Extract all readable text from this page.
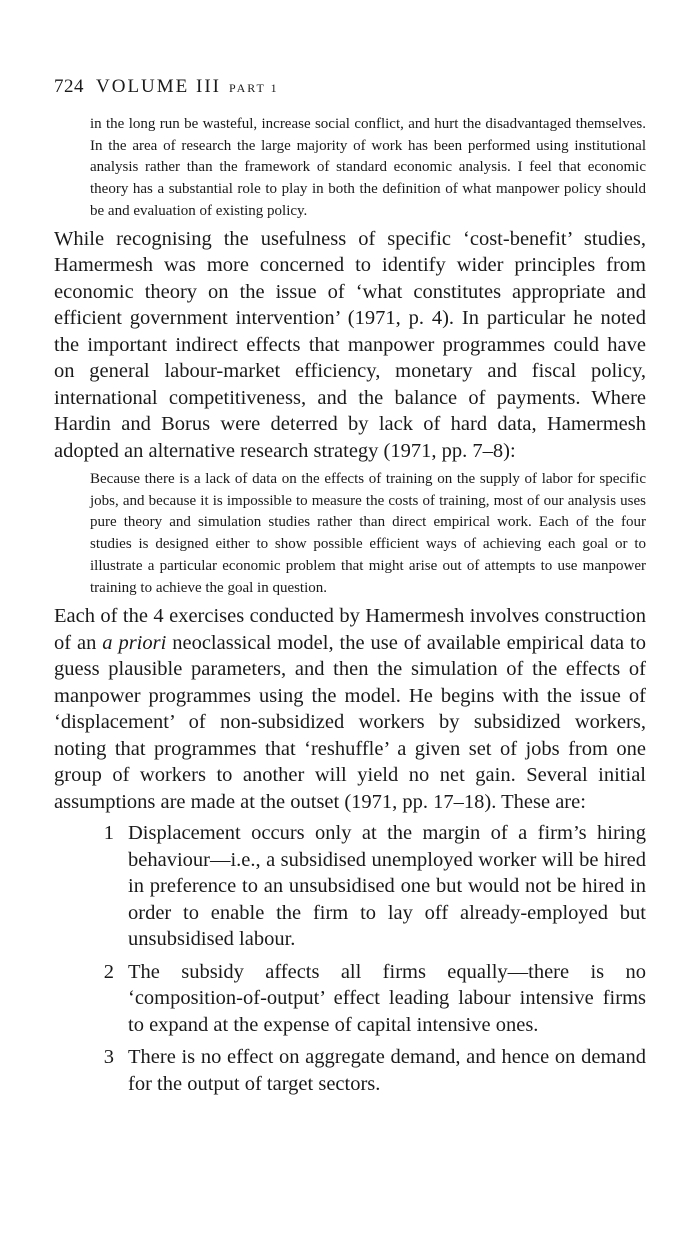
724 VOLUME III PART 1
in the long run be wasteful, increase social conflict, and hurt the disadvantaged themselves. In the area of research the large majority of work has been performed using institutional analysis rather than the framework of standard economic analysis. I feel that economic theory has a substantial role to play in both the definition of what manpower policy should be and evaluation of existing policy.

While recognising the usefulness of specific ‘cost-benefit’ studies, Hamermesh was more concerned to identify wider principles from economic theory on the issue of ‘what constitutes appropriate and efficient government intervention’ (1971, p. 4). In particular he noted the important indirect effects that manpower programmes could have on general labour-market efficiency, monetary and fiscal policy, international competitiveness, and the balance of payments. Where Hardin and Borus were deterred by lack of hard data, Hamermesh adopted an alternative research strategy (1971, pp. 7–8):

Because there is a lack of data on the effects of training on the supply of labor for specific jobs, and because it is impossible to measure the costs of training, most of our analysis uses pure theory and simulation studies rather than direct empirical work. Each of the four studies is designed either to show possible efficient ways of achieving each goal or to illustrate a particular economic problem that might arise out of attempts to use manpower training to achieve the goal in question.

Each of the 4 exercises conducted by Hamermesh involves construction of an a priori neoclassical model, the use of available empirical data to guess plausible parameters, and then the simulation of the effects of manpower programmes using the model. He begins with the issue of ‘displacement’ of non-subsidized workers by subsidized workers, noting that programmes that ‘reshuffle’ a given set of jobs from one group of workers to another will yield no net gain. Several initial assumptions are made at the outset (1971, pp. 17–18). These are:

1 Displacement occurs only at the margin of a firm’s hiring behaviour—i.e., a subsidised unemployed worker will be hired in preference to an unsubsidised one but would not be hired in order to enable the firm to lay off already-employed but unsubsidised labour.
2 The subsidy affects all firms equally—there is no ‘composition-of-output’ effect leading labour intensive firms to expand at the expense of capital intensive ones.
3 There is no effect on aggregate demand, and hence on demand for the output of target sectors.
